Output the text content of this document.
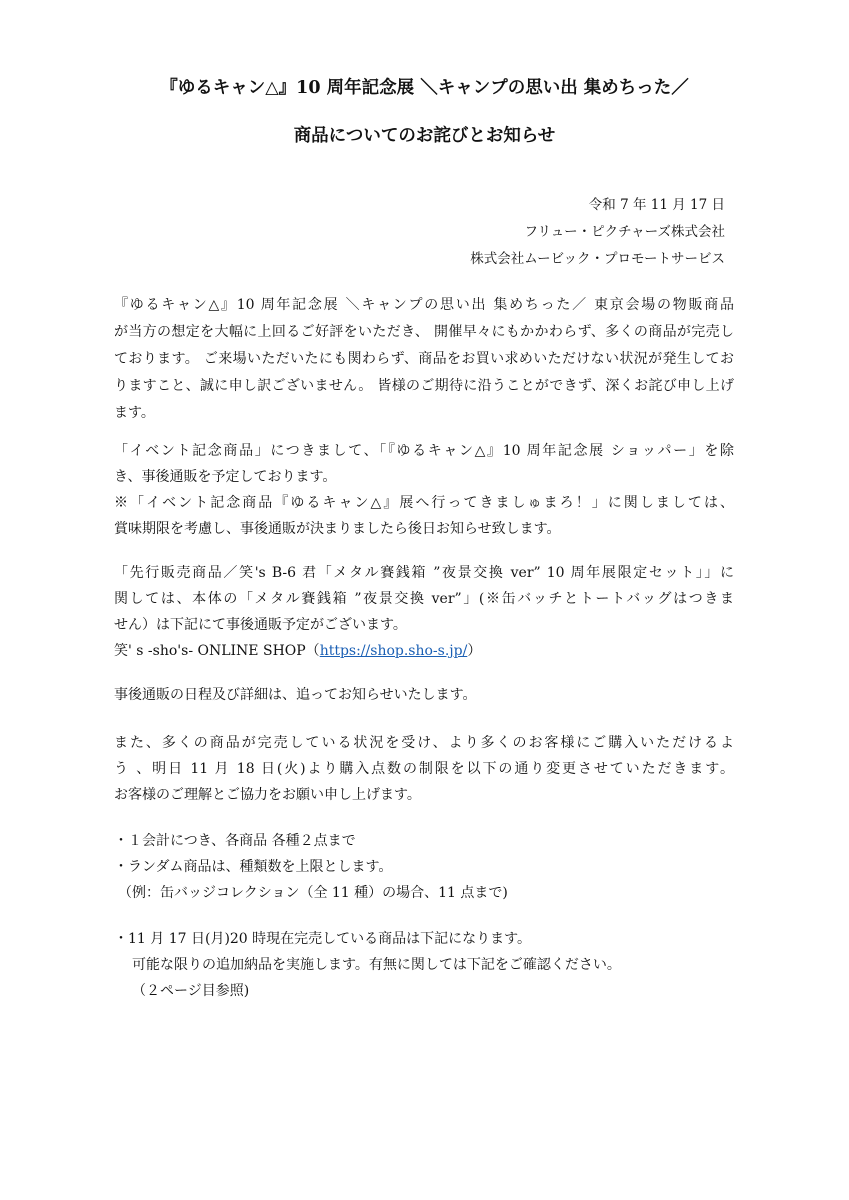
『ゆるキャン△』10 周年記念展 ＼キャンプの思い出 集めちった／
商品についてのお詫びとお知らせ
令和 7 年 11 月 17 日
フリュー・ピクチャーズ株式会社
株式会社ムービック・プロモートサービス
『ゆるキャン△』10 周年記念展 ＼キャンプの思い出 集めちった／ 東京会場の物販商品
が当方の想定を大幅に上回るご好評をいただき、 開催早々にもかかわらず、多くの商品が完売し
ております。 ご来場いただいたにも関わらず、商品をお買い求めいただけない状況が発生してお
りますこと、誠に申し訳ございません。 皆様のご期待に沿うことができず、深くお詫び申し上げ
ます。
「イベント記念商品」につきまして、「『ゆるキャン△』10 周年記念展 ショッパー」を除
き、事後通販を予定しております。
※「イベント記念商品『ゆるキャン△』展へ行ってきましゅまろ！」に関しましては、
賞味期限を考慮し、事後通販が決まりましたら後日お知らせ致します。
「先行販売商品／笑's B-6 君「メタル賽銭箱 ”夜景交換 ver” 10 周年展限定セット」」に
関しては、本体の「メタル賽銭箱 ”夜景交換 ver”」(※缶バッチとトートバッグはつきま
せん）は下記にて事後通販予定がございます。
笑' s -sho's- ONLINE SHOP（https://shop.sho-s.jp/）
事後通販の日程及び詳細は、追ってお知らせいたします。
また、多くの商品が完売している状況を受け、より多くのお客様にご購入いただけるよ
う 、明日 11 月 18 日(火)より購入点数の制限を以下の通り変更させていただきます。
お客様のご理解とご協力をお願い申し上げます。
・１会計につき、各商品 各種２点まで
・ランダム商品は、種類数を上限とします。
（例：缶バッジコレクション（全 11 種）の場合、11 点まで)
・11 月 17 日(月)20 時現在完売している商品は下記になります。
可能な限りの追加納品を実施します。有無に関しては下記をご確認ください。
（２ページ目参照)
